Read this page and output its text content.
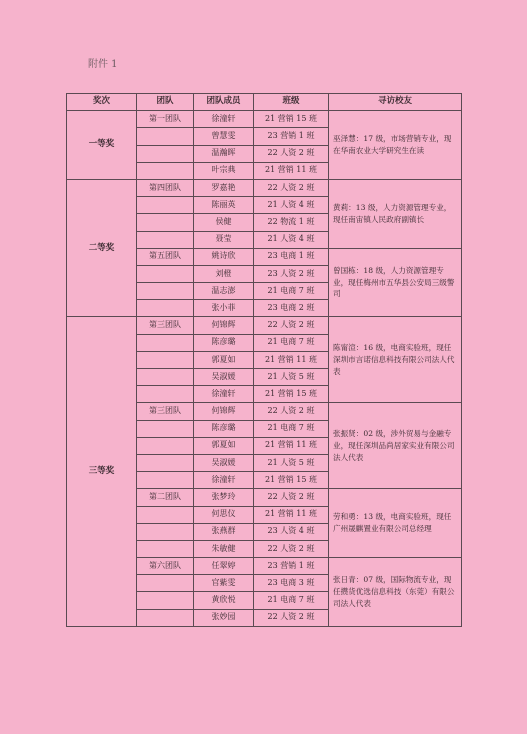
附件 1
奖次	团队	团队成员	班级	寻访校友
一等奖	第一团队	徐潼轩	21 营销 15 班	巫泽慧：17 级，市场营销专业，现在华南农业大学研究生在读
		曾慧雯	23 营销 1 班	
		温瀚晖	22 人资 2 班	
		叶宗典	21 营销 11 班	
二等奖	第四团队	罗嘉艳	22 人资 2 班	黄莉：13 级，人力资源管理专业，现任南宙镇人民政府副镇长
		陈丽英	21 人资 4 班	
		侯健	22 物流 1 班	
		聂莹	21 人资 4 班	
	第五团队	姚诗欣	23 电商 1 班	曾国栋：18 级，人力资源管理专业，现任梅州市五华县公安局三级警司
		刘橙	23 人资 2 班	
		温志澎	21 电商 7 班	
		张小菲	23 电商 2 班	
三等奖	第三团队	何锦辉	22 人资 2 班	陈甯渲：16 级，电商实验班，现任深圳市言诺信息科技有限公司法人代表
		陈彦璐	21 电商 7 班	
		郭夏如	21 营销 11 班	
		吴淑媛	21 人资 5 班	
		徐潼轩	21 营销 15 班	
	第三团队	何锦辉	22 人资 2 班	张振贤：02 级，涉外贸易与金融专业，现任深圳品尚居家实业有限公司法人代表
		陈彦璐	21 电商 7 班	
		郭夏如	21 营销 11 班	
		吴淑媛	21 人资 5 班	
		徐潼轩	21 营销 15 班	
	第二团队	张梦玲	22 人资 2 班	劳和勇：13 级，电商实验班，现任广州晟麒置业有限公司总经理
		何思仪	21 营销 11 班	
		张燕群	23 人资 4 班	
		朱敏健	22 人资 2 班	
	第六团队	任翠婷	23 营销 1 班	张日青：07 级，国际物流专业，现任攒货优选信息科技（东莞）有限公司法人代表
		官紫雯	23 电商 3 班	
		黄欣悦	21 电商 7 班	
		张妙园	22 人资 2 班	
